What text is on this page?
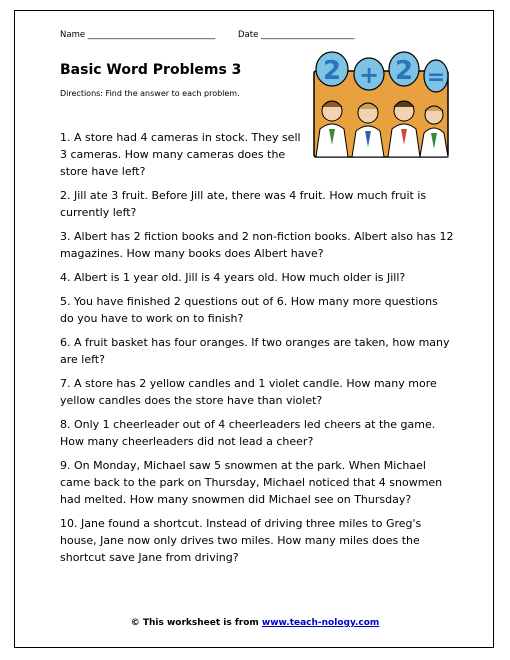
Name ______________________________	Date ______________________
Basic Word Problems 3
Directions: Find the answer to each problem.
2 + 2 =

1. A store had 4 cameras in stock. They sell 3 cameras. How many cameras does the store have left?

2. Jill ate 3 fruit. Before Jill ate, there was 4 fruit. How much fruit is currently left?

3. Albert has 2 fiction books and 2 non-fiction books. Albert also has 12 magazines. How many books does Albert have?

4. Albert is 1 year old. Jill is 4 years old. How much older is Jill?

5. You have finished 2 questions out of 6. How many more questions do you have to work on to finish?

6. A fruit basket has four oranges. If two oranges are taken, how many are left?

7. A store has 2 yellow candles and 1 violet candle. How many more yellow candles does the store have than violet?

8. Only 1 cheerleader out of 4 cheerleaders led cheers at the game. How many cheerleaders did not lead a cheer?

9. On Monday, Michael saw 5 snowmen at the park. When Michael came back to the park on Thursday, Michael noticed that 4 snowmen had melted. How many snowmen did Michael see on Thursday?

10. Jane found a shortcut. Instead of driving three miles to Greg's house, Jane now only drives two miles. How many miles does the shortcut save Jane from driving?

© This worksheet is from www.teach-nology.com
